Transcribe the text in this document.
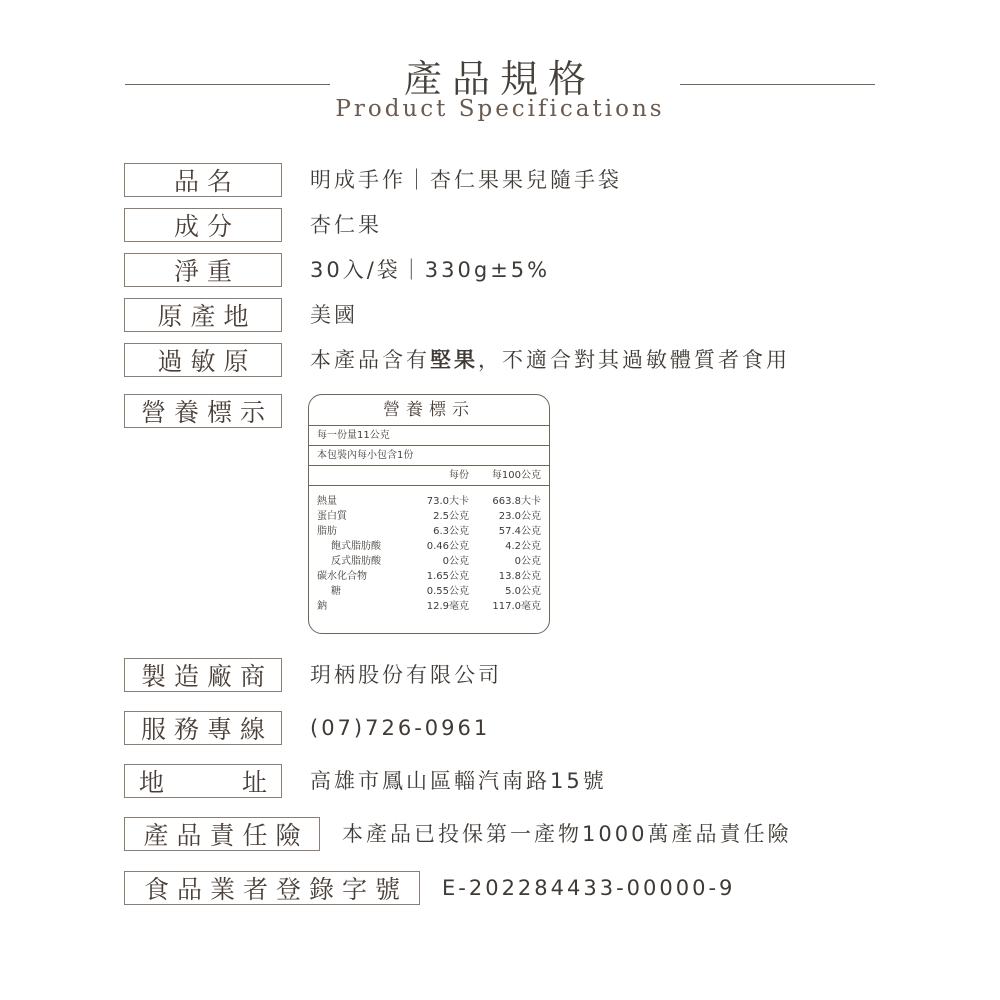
產品規格
Product Specifications
品名	明成手作｜杏仁果果兒隨手袋
成分	杏仁果
淨重	30入/袋｜330g±5%
原產地	美國
過敏原	本產品含有堅果，不適合對其過敏體質者食用
營養標示	營養標示
每一份量11公克
本包裝內每小包含1份
每份 每100公克
熱量	73.0大卡 663.8大卡
蛋白質	2.5公克	23.0公克
脂肪	6.3公克	57.4公克
飽式脂肪酸	0.46公克	4.2公克
反式脂肪酸	0公克	0公克
碳水化合物	1.65公克	13.8公克
糖	0.55公克	5.0公克
鈉	12.9毫克 117.0毫克
製造廠商	玥柄股份有限公司
服務專線	(07)726-0961
地	址 高雄市鳳山區輜汽南路15號
產品責任險	本產品已投保第一產物1000萬產品責任險
食品業者登錄字號	E-202284433-00000-9
